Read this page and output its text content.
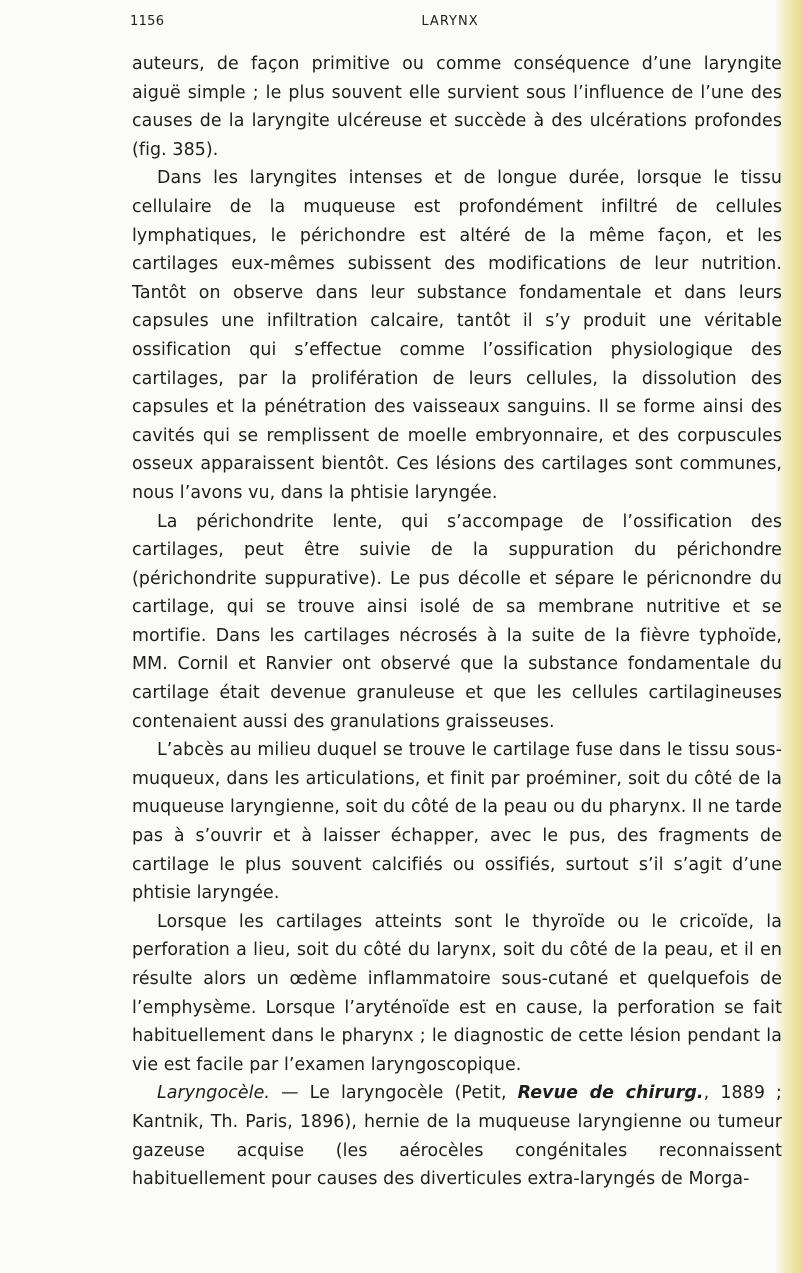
1156	LARYNX

auteurs, de façon primitive ou comme conséquence d’une laryngite aiguë simple ; le plus souvent elle survient sous l’influence de l’une des causes de la laryngite ulcéreuse et succède à des ulcérations profondes (fig. 385).

Dans les laryngites intenses et de longue durée, lorsque le tissu cellulaire de la muqueuse est profondément infiltré de cellules lymphatiques, le périchondre est altéré de la même façon, et les cartilages eux-mêmes subissent des modifications de leur nutrition. Tantôt on observe dans leur substance fondamentale et dans leurs capsules une infiltration calcaire, tantôt il s’y produit une véritable ossification qui s’effectue comme l’ossification physiologique des cartilages, par la prolifération de leurs cellules, la dissolution des capsules et la pénétration des vaisseaux sanguins. Il se forme ainsi des cavités qui se remplissent de moelle embryonnaire, et des corpuscules osseux apparaissent bientôt. Ces lésions des cartilages sont communes, nous l’avons vu, dans la phtisie laryngée.

La périchondrite lente, qui s’accompage de l’ossification des cartilages, peut être suivie de la suppuration du périchondre (périchondrite suppurative). Le pus décolle et sépare le péricnondre du cartilage, qui se trouve ainsi isolé de sa membrane nutritive et se mortifie. Dans les cartilages nécrosés à la suite de la fièvre typhoïde, MM. Cornil et Ranvier ont observé que la substance fondamentale du cartilage était devenue granuleuse et que les cellules cartilagineuses contenaient aussi des granulations graisseuses.

L’abcès au milieu duquel se trouve le cartilage fuse dans le tissu sous-muqueux, dans les articulations, et finit par proéminer, soit du côté de la muqueuse laryngienne, soit du côté de la peau ou du pharynx. Il ne tarde pas à s’ouvrir et à laisser échapper, avec le pus, des fragments de cartilage le plus souvent calcifiés ou ossifiés, surtout s’il s’agit d’une phtisie laryngée.

Lorsque les cartilages atteints sont le thyroïde ou le cricoïde, la perforation a lieu, soit du côté du larynx, soit du côté de la peau, et il en résulte alors un œdème inflammatoire sous-cutané et quelquefois de l’emphysème. Lorsque l’aryténoïde est en cause, la perforation se fait habituellement dans le pharynx ; le diagnostic de cette lésion pendant la vie est facile par l’examen laryngoscopique.

Laryngocèle. — Le laryngocèle (Petit, Revue de chirurg., 1889 ; Kantnik, Th. Paris, 1896), hernie de la muqueuse laryngienne ou tumeur gazeuse acquise (les aérocèles congénitales reconnaissent habituellement pour causes des diverticules extra-laryngés de Morga-
